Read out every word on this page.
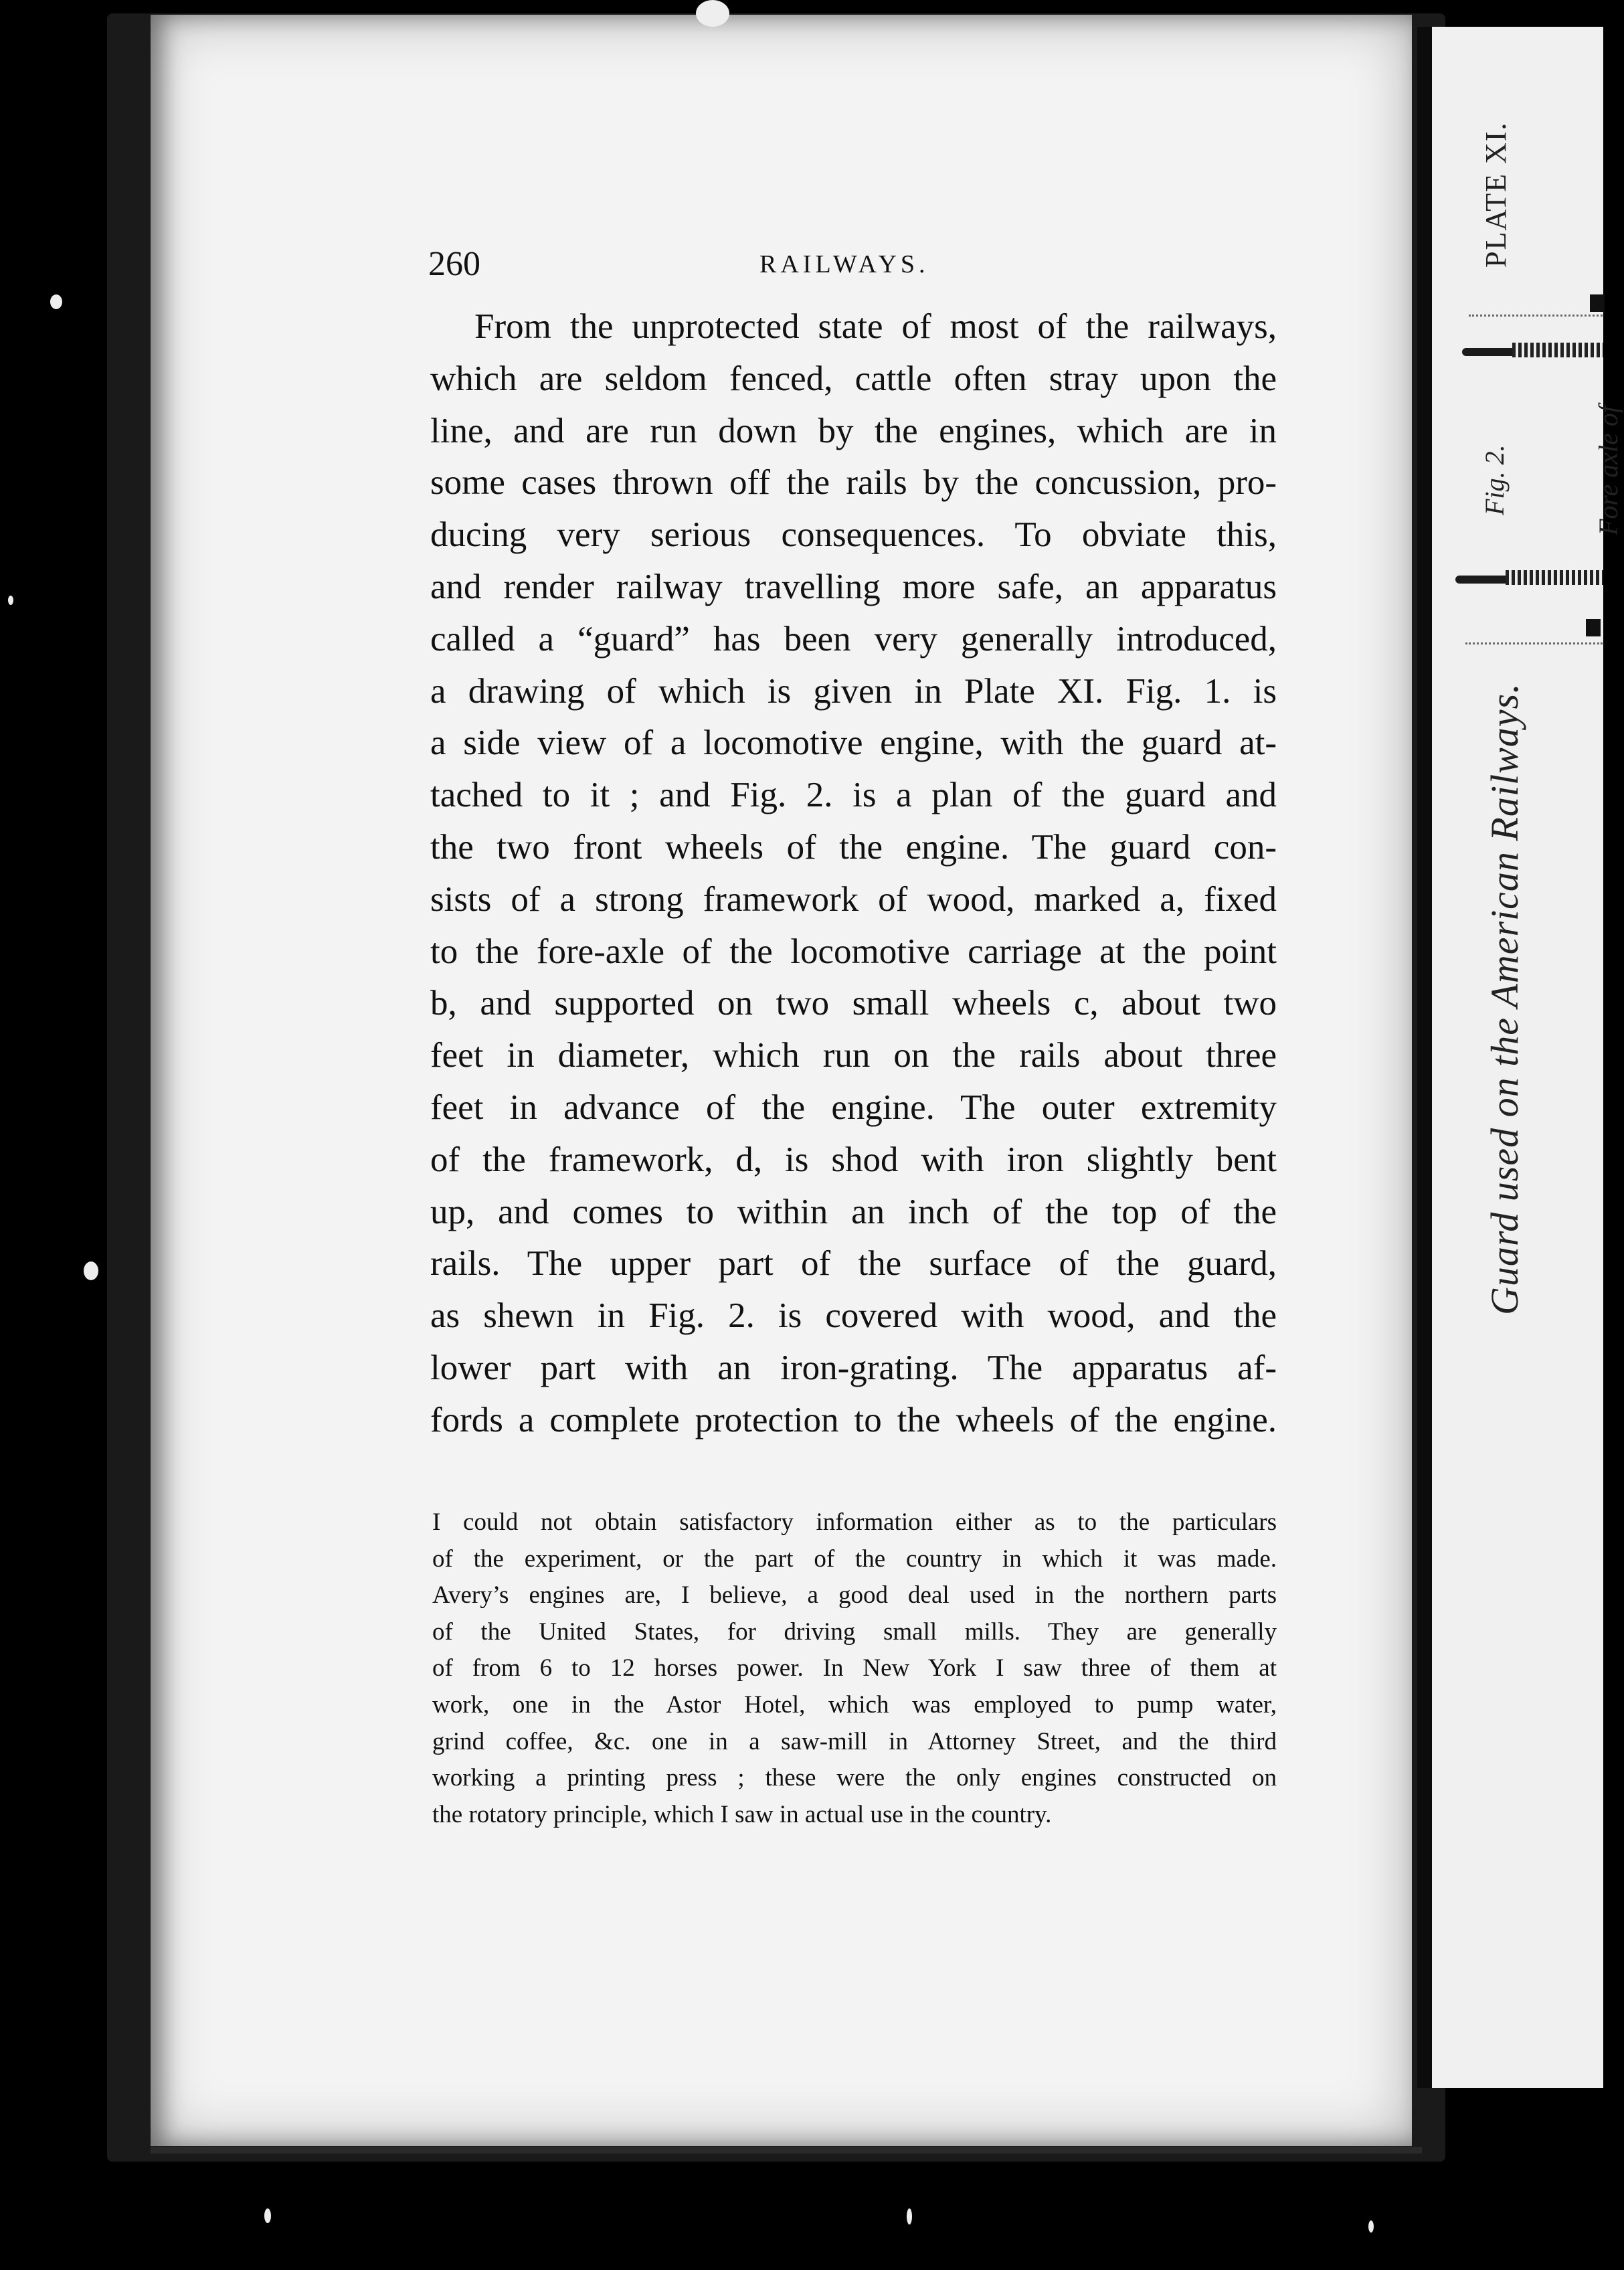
PLATE XI.
Fig. 2.	Fore axle of
Guard used on the American Railways.
260	RAILWAYS.
From the unprotected state of most of the railways,
which are seldom fenced, cattle often stray upon the
line, and are run down by the engines, which are in
some cases thrown off the rails by the concussion, pro-
ducing very serious consequences. To obviate this,
and render railway travelling more safe, an apparatus
called a “guard” has been very generally introduced,
a drawing of which is given in Plate XI. Fig. 1. is
a side view of a locomotive engine, with the guard at-
tached to it ; and Fig. 2. is a plan of the guard and
the two front wheels of the engine. The guard con-
sists of a strong framework of wood, marked a, fixed
to the fore-axle of the locomotive carriage at the point
b, and supported on two small wheels c, about two
feet in diameter, which run on the rails about three
feet in advance of the engine. The outer extremity
of the framework, d, is shod with iron slightly bent
up, and comes to within an inch of the top of the
rails. The upper part of the surface of the guard,
as shewn in Fig. 2. is covered with wood, and the
lower part with an iron-grating. The apparatus af-
fords a complete protection to the wheels of the engine.
I could not obtain satisfactory information either as to the particulars
of the experiment, or the part of the country in which it was made.
Avery’s engines are, I believe, a good deal used in the northern parts
of the United States, for driving small mills. They are generally
of from 6 to 12 horses power. In New York I saw three of them at
work, one in the Astor Hotel, which was employed to pump water,
grind coffee, &c. one in a saw-mill in Attorney Street, and the third
working a printing press ; these were the only engines constructed on
the rotatory principle, which I saw in actual use in the country.
